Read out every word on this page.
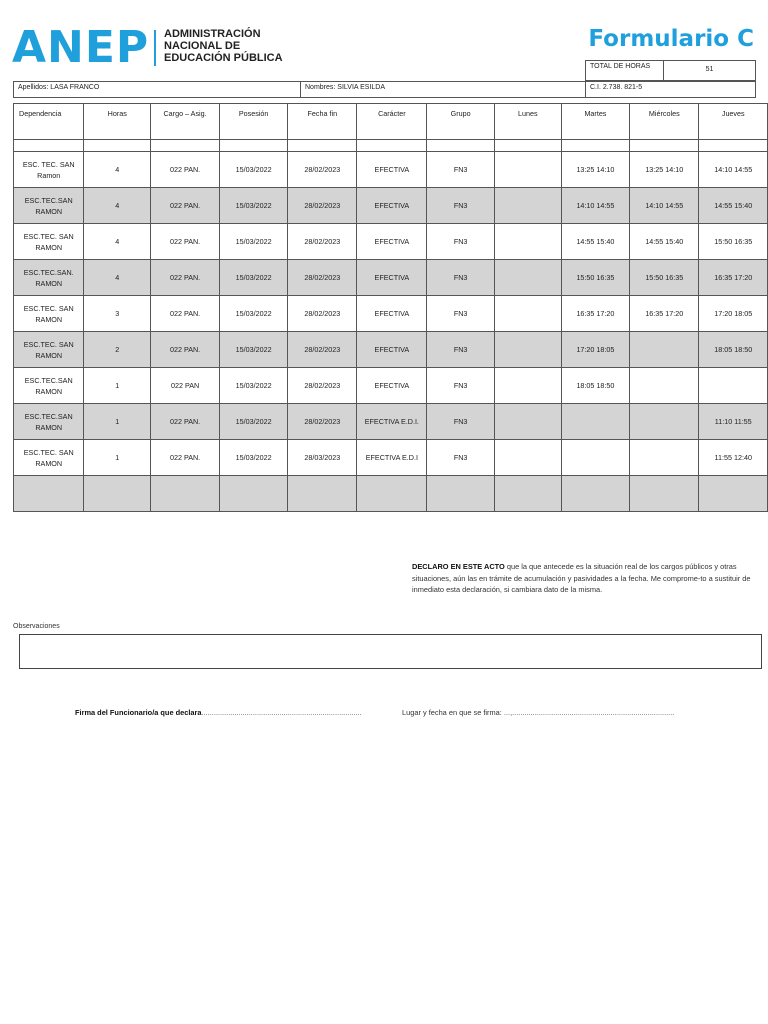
ANEP ADMINISTRACIÓN
NACIONAL DE
EDUCACIÓN PÚBLICA
Formulario C
TOTAL DE HORAS	51
Apellidos: LASA FRANCO	Nombres: SILVIA ESILDA	C.I. 2.738. 821-5
Dependencia	Horas	Cargo – Asig.	Posesión	Fecha fin	Carácter	Grupo	Lunes	Martes	Miércoles	Jueves

ESC. TEC. SAN Ramon	4	022 PAN.	15/03/2022	28/02/2023	EFECTIVA	FN3		13:25 14:10	13:25 14:10	14:10 14:55
ESC.TEC.SAN RAMON	4	022 PAN.	15/03/2022	28/02/2023	EFECTIVA	FN3		14:10 14:55	14:10 14:55	14:55 15:40
ESC.TEC. SAN RAMON	4	022 PAN.	15/03/2022	28/02/2023	EFECTIVA	FN3		14:55 15:40	14:55 15:40	15:50 16:35
ESC.TEC.SAN. RAMON	4	022 PAN.	15/03/2022	28/02/2023	EFECTIVA	FN3		15:50 16:35	15:50 16:35	16:35 17:20
ESC.TEC. SAN RAMON	3	022 PAN.	15/03/2022	28/02/2023	EFECTIVA	FN3		16:35 17:20	16:35 17:20	17:20 18:05
ESC.TEC. SAN RAMON	2	022 PAN.	15/03/2022	28/02/2023	EFECTIVA	FN3		17:20 18:05		18:05 18:50
ESC.TEC.SAN RAMON	1	022 PAN	15/03/2022	28/02/2023	EFECTIVA	FN3		18:05 18:50		
ESC.TEC.SAN RAMON	1	022 PAN.	15/03/2022	28/02/2023	EFECTIVA E.D.I.	FN3				11:10 11:55
ESC.TEC. SAN RAMON	1	022 PAN.	15/03/2022	28/03/2023	EFECTIVA E.D.I	FN3				11:55 12:40

DECLARO EN ESTE ACTO que la que antecede es la situación real de los cargos públicos y otras situaciones, aún las en trámite de acumulación y pasividades a la fecha. Me comprome-to a sustituir de inmediato esta declaración, si cambiara dato de la misma.
Observaciones
Firma del Funcionario/a que declara..............................................................................	Lugar y fecha en que se firma: ...,...............................................................................
